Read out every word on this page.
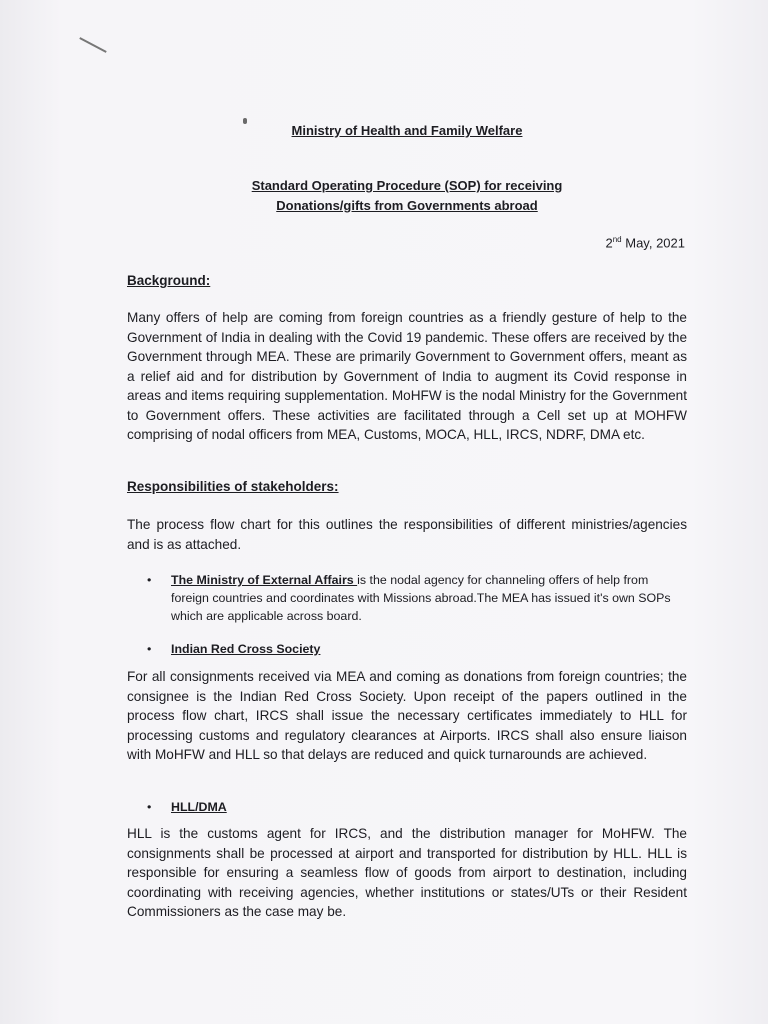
Ministry of Health and Family Welfare
Standard Operating Procedure (SOP) for receiving
Donations/gifts from Governments abroad
2nd May, 2021
Background:
Many offers of help are coming from foreign countries as a friendly gesture of help to the Government of India in dealing with the Covid 19 pandemic. These offers are received by the Government through MEA. These are primarily Government to Government offers, meant as a relief aid and for distribution by Government of India to augment its Covid response in areas and items requiring supplementation. MoHFW is the nodal Ministry for the Government to Government offers. These activities are facilitated through a Cell set up at MOHFW comprising of nodal officers from MEA, Customs, MOCA, HLL, IRCS, NDRF, DMA etc.
Responsibilities of stakeholders:
The process flow chart for this outlines the responsibilities of different ministries/agencies and is as attached.
• The Ministry of External Affairs is the nodal agency for channeling offers of help from foreign countries and coordinates with Missions abroad.The MEA has issued it's own SOPs which are applicable across board.
• Indian Red Cross Society
For all consignments received via MEA and coming as donations from foreign countries; the consignee is the Indian Red Cross Society. Upon receipt of the papers outlined in the process flow chart, IRCS shall issue the necessary certificates immediately to HLL for processing customs and regulatory clearances at Airports. IRCS shall also ensure liaison with MoHFW and HLL so that delays are reduced and quick turnarounds are achieved.
• HLL/DMA
HLL is the customs agent for IRCS, and the distribution manager for MoHFW. The consignments shall be processed at airport and transported for distribution by HLL. HLL is responsible for ensuring a seamless flow of goods from airport to destination, including coordinating with receiving agencies, whether institutions or states/UTs or their Resident Commissioners as the case may be.
